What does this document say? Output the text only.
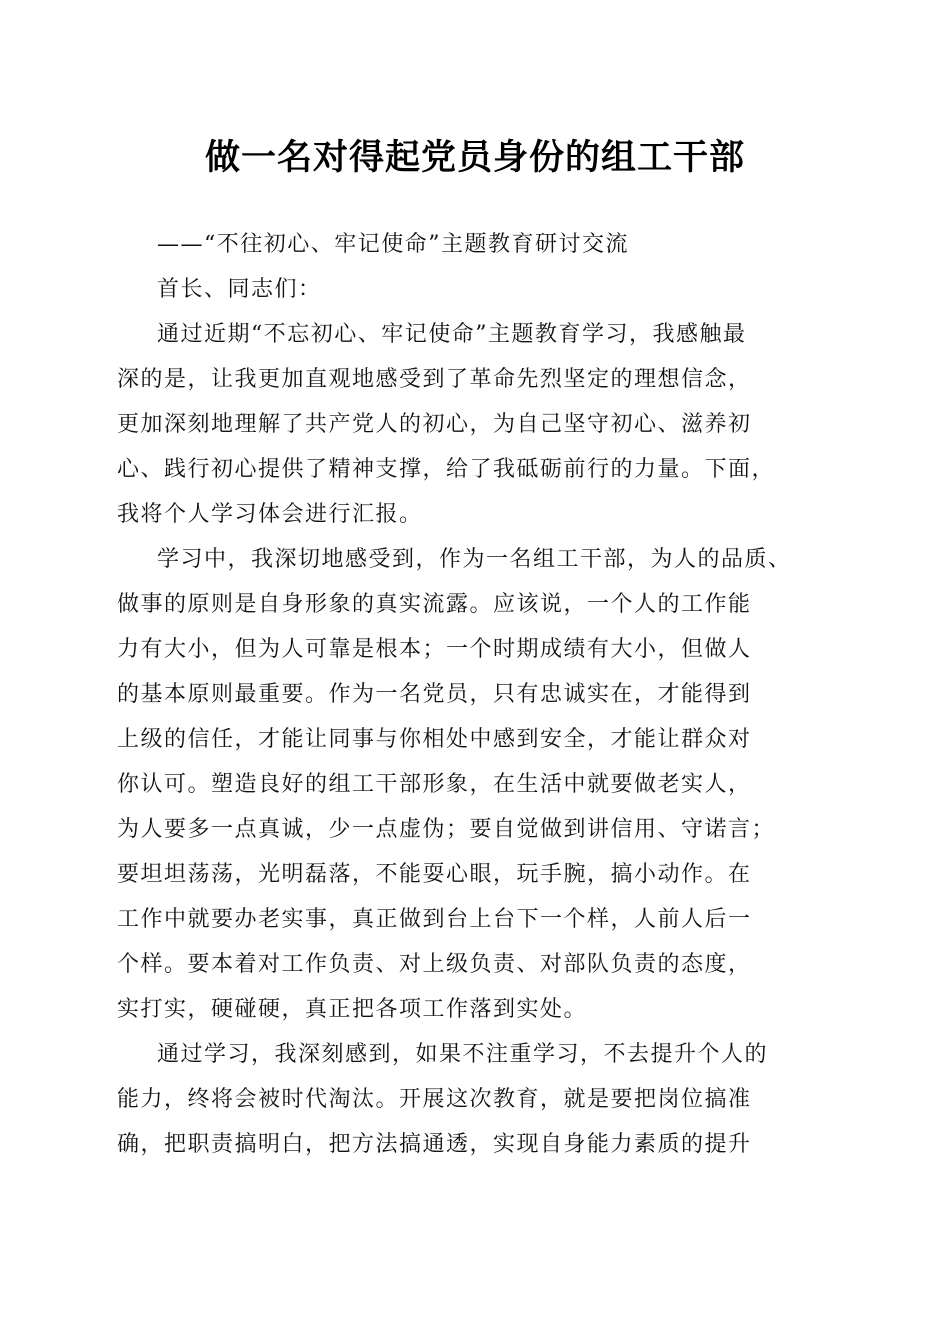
做一名对得起党员身份的组工干部

——“不往初心、牢记使命”主题教育研讨交流

首长、同志们：

通过近期“不忘初心、牢记使命”主题教育学习，我感触最
深的是，让我更加直观地感受到了革命先烈坚定的理想信念，
更加深刻地理解了共产党人的初心，为自己坚守初心、滋养初
心、践行初心提供了精神支撑，给了我砥砺前行的力量。下面，
我将个人学习体会进行汇报。
学习中，我深切地感受到，作为一名组工干部，为人的品质、
做事的原则是自身形象的真实流露。应该说，一个人的工作能
力有大小，但为人可靠是根本；一个时期成绩有大小，但做人
的基本原则最重要。作为一名党员，只有忠诚实在，才能得到
上级的信任，才能让同事与你相处中感到安全，才能让群众对
你认可。塑造良好的组工干部形象，在生活中就要做老实人，
为人要多一点真诚，少一点虚伪；要自觉做到讲信用、守诺言；
要坦坦荡荡，光明磊落，不能耍心眼，玩手腕，搞小动作。在
工作中就要办老实事，真正做到台上台下一个样，人前人后一
个样。要本着对工作负责、对上级负责、对部队负责的态度，
实打实，硬碰硬，真正把各项工作落到实处。
通过学习，我深刻感到，如果不注重学习，不去提升个人的
能力，终将会被时代淘汰。开展这次教育，就是要把岗位搞准
确，把职责搞明白，把方法搞通透，实现自身能力素质的提升
